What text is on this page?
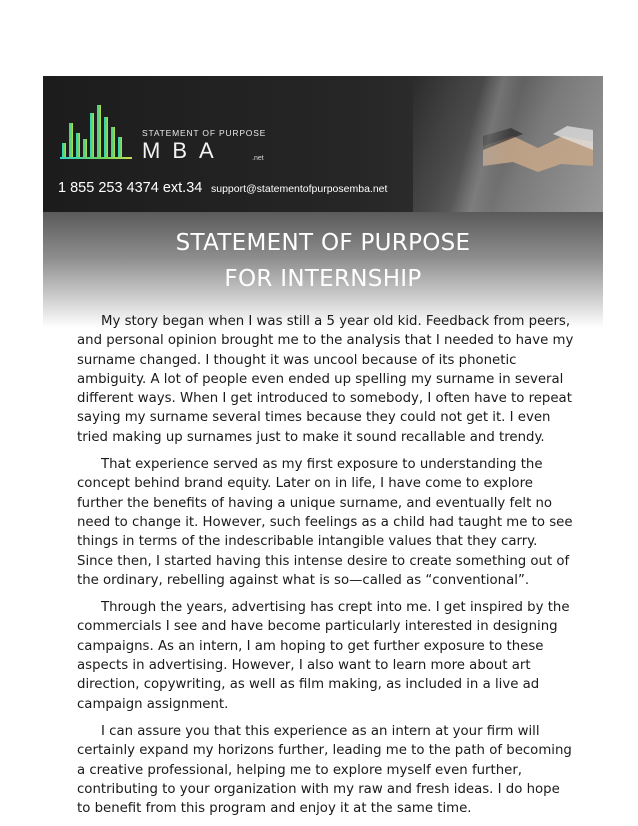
STATEMENT OF PURPOSE
MBA	.net
1 855 253 4374 ext.34 support@statementofpurposemba.net
STATEMENT OF PURPOSE
FOR INTERNSHIP

My story began when I was still a 5 year old kid. Feedback from peers, and personal opinion brought me to the analysis that I needed to have my surname changed. I thought it was uncool because of its phonetic ambiguity. A lot of people even ended up spelling my surname in several different ways. When I get introduced to somebody, I often have to repeat saying my surname several times because they could not get it. I even tried making up surnames just to make it sound recallable and trendy.

That experience served as my first exposure to understanding the concept behind brand equity. Later on in life, I have come to explore further the benefits of having a unique surname, and eventually felt no need to change it. However, such feelings as a child had taught me to see things in terms of the indescribable intangible values that they carry. Since then, I started having this intense desire to create something out of the ordinary, rebelling against what is so—called as “conventional”.

Through the years, advertising has crept into me. I get inspired by the commercials I see and have become particularly interested in designing campaigns. As an intern, I am hoping to get further exposure to these aspects in advertising. However, I also want to learn more about art direction, copywriting, as well as film making, as included in a live ad campaign assignment.

I can assure you that this experience as an intern at your firm will certainly expand my horizons further, leading me to the path of becoming a creative professional, helping me to explore myself even further, contributing to your organization with my raw and fresh ideas. I do hope to benefit from this program and enjoy it at the same time.
